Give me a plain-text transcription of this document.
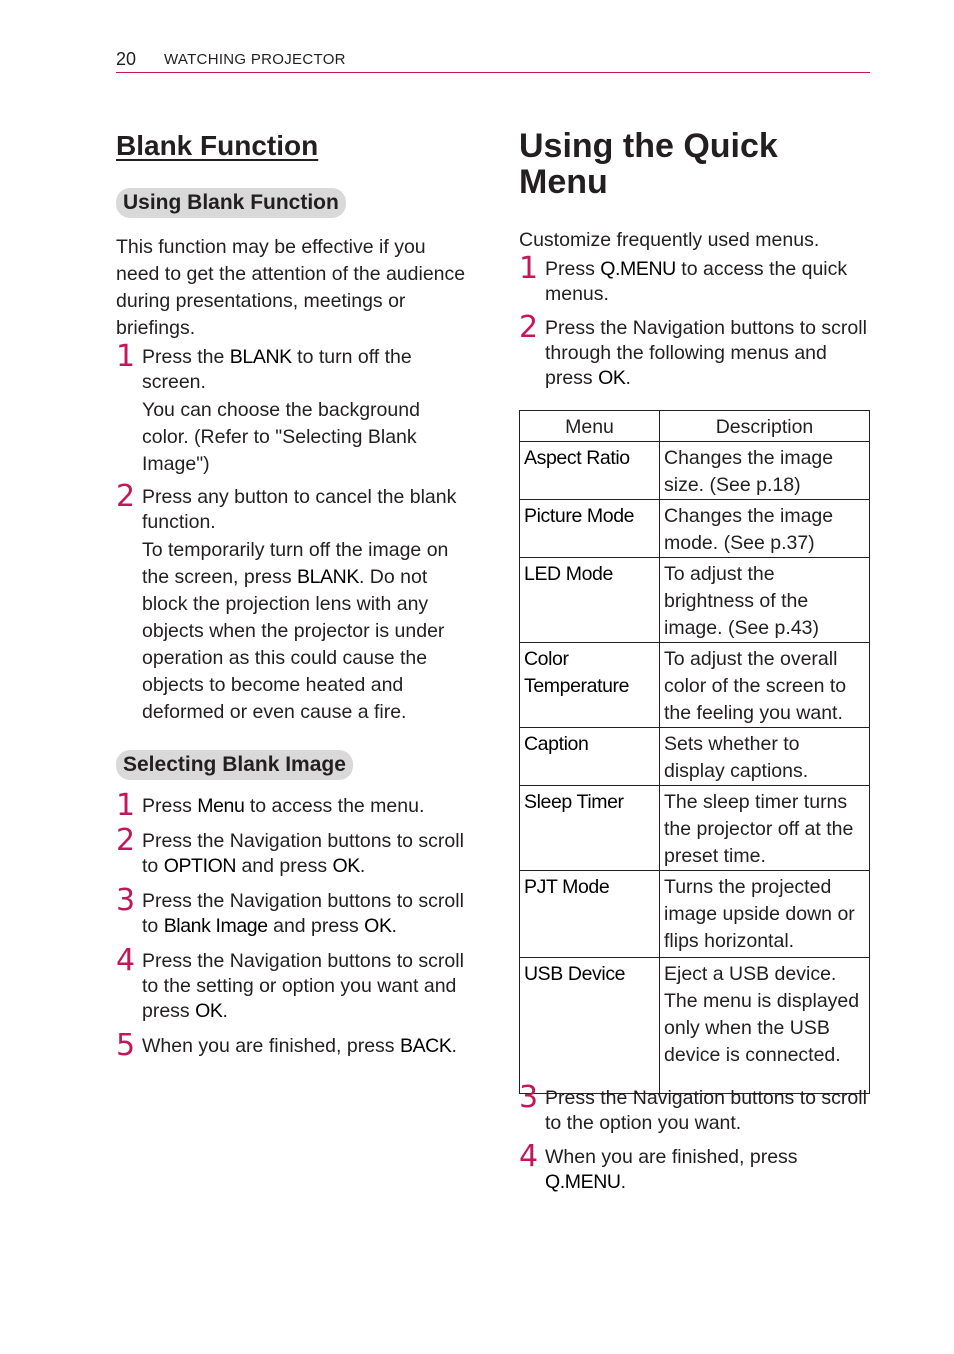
20 WATCHING PROJECTOR
Blank Function
Using Blank Function

This function may be effective if you need to get the attention of the audience during presentations, meetings or briefings.

1 Press the BLANK to turn off the screen.
You can choose the background color. (Refer to "Selecting Blank Image")
2 Press any button to cancel the blank function.
To temporarily turn off the image on the screen, press BLANK. Do not block the projection lens with any objects when the projector is under operation as this could cause the objects to become heated and deformed or even cause a fire.
Selecting Blank Image
1 Press Menu to access the menu.
2 Press the Navigation buttons to scroll to OPTION and press OK.
3 Press the Navigation buttons to scroll to Blank Image and press OK.
4 Press the Navigation buttons to scroll to the setting or option you want and press OK.
5 When you are finished, press BACK.
Using the Quick
Menu

Customize frequently used menus.

1 Press Q.MENU to access the quick menus.
2 Press the Navigation buttons to scroll through the following menus and press OK.
Menu	Description
Aspect Ratio	Changes the image size. (See p.18)
Picture Mode	Changes the image mode. (See p.37)
LED Mode	To adjust the brightness of the image. (See p.43)
Color Temperature	To adjust the overall color of the screen to the feeling you want.
Caption	Sets whether to display captions.
Sleep Timer	The sleep timer turns the projector off at the preset time.
PJT Mode	Turns the projected image upside down or flips horizontal.
USB Device	Eject a USB device. The menu is displayed only when the USB device is connected.
3 Press the Navigation buttons to scroll to the option you want.
4 When you are finished, press Q.MENU.
